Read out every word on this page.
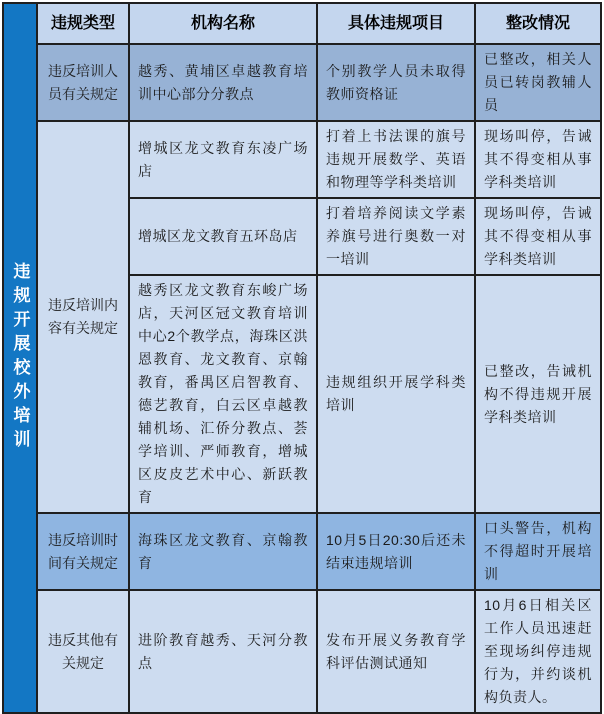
违规开展校外培训
违规类型	机构名称	具体违规项目	整改情况
违反培训人员有关规定	越秀、黄埔区卓越教育培训中心部分分教点	个别教学人员未取得教师资格证	已整改，相关人员已转岗教辅人员
违反培训内容有关规定	增城区龙文教育东凌广场店	打着上书法课的旗号违规开展数学、英语和物理等学科类培训	现场叫停，告诫其不得变相从事学科类培训
	增城区龙文教育五环岛店	打着培养阅读文学素养旗号进行奥数一对一培训	现场叫停，告诫其不得变相从事学科类培训
	越秀区龙文教育东峻广场店，天河区冠文教育培训中心2个教学点，海珠区洪恩教育、龙文教育、京翰教育，番禺区启智教育、德艺教育，白云区卓越教辅机场、汇侨分教点、荟学培训、严师教育，增城区皮皮艺术中心、新跃教育	违规组织开展学科类培训	已整改，告诫机构不得违规开展学科类培训
违反培训时间有关规定	海珠区龙文教育、京翰教育	10月5日20:30后还未结束违规培训	口头警告，机构不得超时开展培训
违反其他有关规定	进阶教育越秀、天河分教点	发布开展义务教育学科评估测试通知	10月6日相关区工作人员迅速赶至现场纠停违规行为，并约谈机构负责人。
